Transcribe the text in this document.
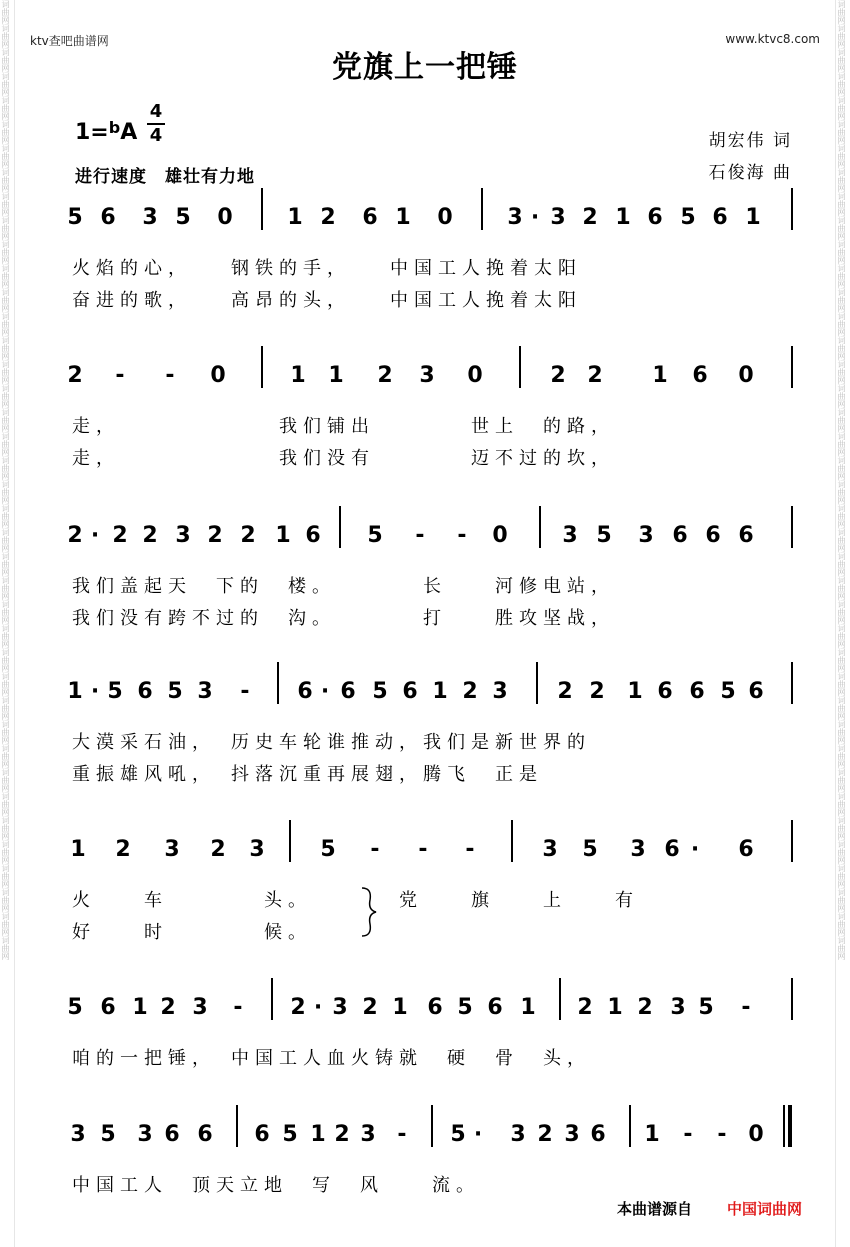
词曲网词曲网词曲网词曲网词曲网词曲网词曲网词曲网词曲网词曲网词曲网词曲网词曲网词曲网词曲网词曲网词曲网词曲网词曲网词曲网词曲网词曲网词曲网词曲网词曲网词曲网词曲网词曲网词曲网词曲网词曲网词曲网词曲网词曲网词曲网词曲网词曲网词曲网词曲网词曲网	词曲网词曲网词曲网词曲网词曲网词曲网词曲网词曲网词曲网词曲网词曲网词曲网词曲网词曲网词曲网词曲网词曲网词曲网词曲网词曲网词曲网词曲网词曲网词曲网词曲网词曲网词曲网词曲网词曲网词曲网词曲网词曲网词曲网词曲网词曲网词曲网词曲网词曲网词曲网词曲网
ktv查吧曲谱网	www.ktvc8.com
党旗上一把锤
1=$^b$A
4
4
进行速度　雄壮有力地
胡宏伟 词
石俊海 曲
5 6 3 5 0 1 2 6 1 0 3 · 3 2 1 6 5 6 1
火焰的心，　　钢铁的手，　　中国工人挽着太阳
奋进的歌，　　高昂的头，　　中国工人挽着太阳
2 - - 0	1 1 2 3 0	2 2 1 6 0
走，　　　　　　　我们铺出　　　　世上　的路，
走，　　　　　　　我们没有　　　　迈不过的坎，
2 · 2 2 3 2 2 1 6 5 - - 0 3 5 3 6 6 6
我们盖起天　下的　楼。　　　　长　　河修电站，
我们没有跨不过的　沟。　　　　打　　胜攻坚战，
1 · 5 6 5 3 - 6 · 6 5 6 1 2 3 2 2 1 6 6 5 6
大漠采石油，　历史车轮谁推动，我们是新世界的
重振雄风吼，　抖落沉重再展翅，腾飞　正是
1 2 3 2 3	5 - - -	3 5 3 6 · 6
火　　车　　　　头。　　　　党　　旗　　上　　有
好　　时　　　　候。
5 6 1 2 3 - 2 · 3 2 1 6 5 6 1 2 1 2 3 5 -
咱的一把锤，　中国工人血火铸就　硬　骨　头，
3 5 3 6 6 6 5 1 2 3 - 5 · 3 2 3 6 1 - - 0
中国工人　顶天立地　写　风　　流。
本曲谱源自 中国词曲网
